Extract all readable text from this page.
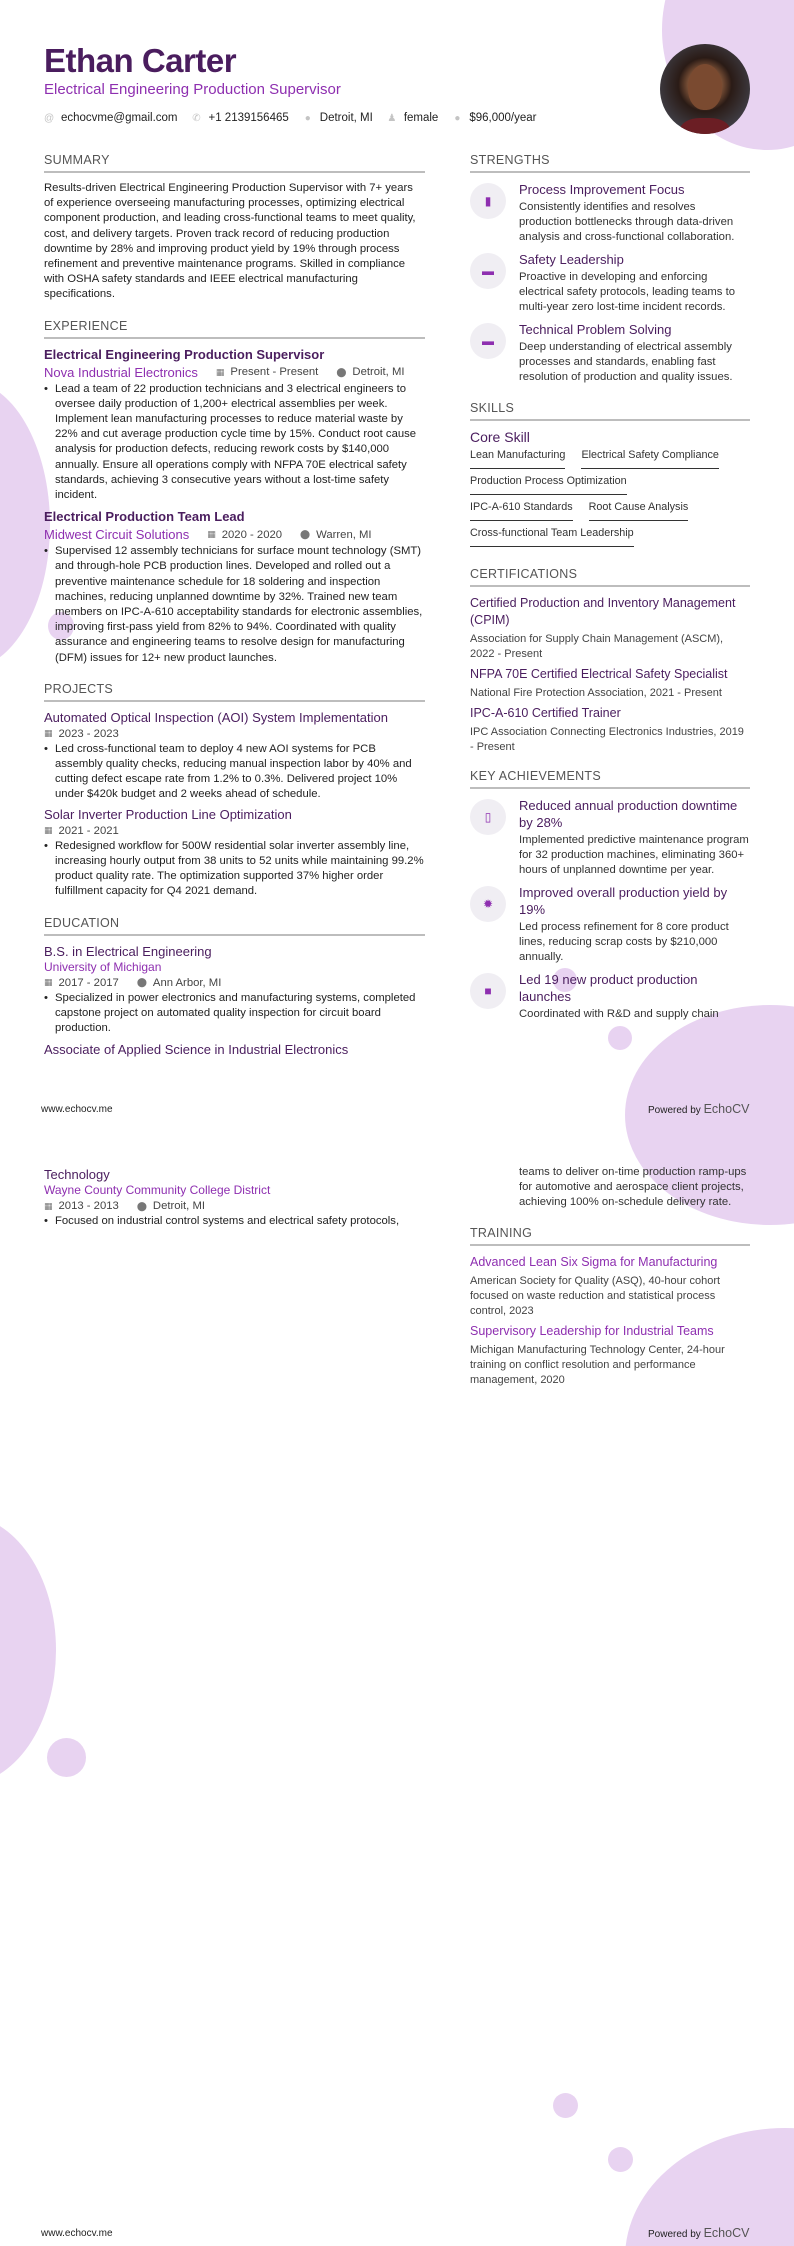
Ethan Carter
Electrical Engineering Production Supervisor
@ echocvme@gmail.com ✆ +1 2139156465 ● Detroit, MI ♟ female ● $96,000/year
SUMMARY
Results-driven Electrical Engineering Production Supervisor with 7+ years of experience overseeing manufacturing processes, optimizing electrical component production, and leading cross-functional teams to meet quality, cost, and delivery targets. Proven track record of reducing production downtime by 28% and improving product yield by 19% through process refinement and preventive maintenance programs. Skilled in compliance with OSHA safety standards and IEEE electrical manufacturing specifications.
EXPERIENCE
Electrical Engineering Production Supervisor
Nova Industrial Electronics ▦ Present - Present ⬤ Detroit, MI
• Lead a team of 22 production technicians and 3 electrical engineers to oversee daily production of 1,200+ electrical assemblies per week. Implement lean manufacturing processes to reduce material waste by 22% and cut average production cycle time by 15%. Conduct root cause analysis for production defects, reducing rework costs by $140,000 annually. Ensure all operations comply with NFPA 70E electrical safety standards, achieving 3 consecutive years without a lost-time safety incident.
Electrical Production Team Lead
Midwest Circuit Solutions ▦ 2020 - 2020 ⬤ Warren, MI
• Supervised 12 assembly technicians for surface mount technology (SMT) and through-hole PCB production lines. Developed and rolled out a preventive maintenance schedule for 18 soldering and inspection machines, reducing unplanned downtime by 32%. Trained new team members on IPC-A-610 acceptability standards for electronic assemblies, improving first-pass yield from 82% to 94%. Coordinated with quality assurance and engineering teams to resolve design for manufacturing (DFM) issues for 12+ new product launches.
PROJECTS
Automated Optical Inspection (AOI) System Implementation
▦ 2023 - 2023
• Led cross-functional team to deploy 4 new AOI systems for PCB assembly quality checks, reducing manual inspection labor by 40% and cutting defect escape rate from 1.2% to 0.3%. Delivered project 10% under $420k budget and 2 weeks ahead of schedule.
Solar Inverter Production Line Optimization
▦ 2021 - 2021
• Redesigned workflow for 500W residential solar inverter assembly line, increasing hourly output from 38 units to 52 units while maintaining 99.2% product quality rate. The optimization supported 37% higher order fulfillment capacity for Q4 2021 demand.
EDUCATION
B.S. in Electrical Engineering
University of Michigan
▦ 2017 - 2017 ⬤ Ann Arbor, MI
• Specialized in power electronics and manufacturing systems, completed capstone project on automated quality inspection for circuit board production.
Associate of Applied Science in Industrial Electronics
STRENGTHS
▮
Process Improvement Focus
Consistently identifies and resolves production bottlenecks through data-driven analysis and cross-functional collaboration.
▬
Safety Leadership
Proactive in developing and enforcing electrical safety protocols, leading teams to multi-year zero lost-time incident records.
▬
Technical Problem Solving
Deep understanding of electrical assembly processes and standards, enabling fast resolution of production and quality issues.
SKILLS
Core Skill
Lean Manufacturing Electrical Safety Compliance
Production Process Optimization
IPC-A-610 Standards Root Cause Analysis
Cross-functional Team Leadership
CERTIFICATIONS
Certified Production and Inventory Management (CPIM)
Association for Supply Chain Management (ASCM), 2022 - Present
NFPA 70E Certified Electrical Safety Specialist
National Fire Protection Association, 2021 - Present
IPC-A-610 Certified Trainer
IPC Association Connecting Electronics Industries, 2019 - Present
KEY ACHIEVEMENTS
▯
Reduced annual production downtime by 28%
Implemented predictive maintenance program for 32 production machines, eliminating 360+ hours of unplanned downtime per year.
✹
Improved overall production yield by 19%
Led process refinement for 8 core product lines, reducing scrap costs by $210,000 annually.
■
Led 19 new product production launches
Coordinated with R&D and supply chain
www.echocv.me	Powered by EchoCV
Technology
Wayne County Community College District
▦ 2013 - 2013 ⬤ Detroit, MI
• Focused on industrial control systems and electrical safety protocols,
teams to deliver on-time production ramp-ups for automotive and aerospace client projects, achieving 100% on-schedule delivery rate.
TRAINING
Advanced Lean Six Sigma for Manufacturing
American Society for Quality (ASQ), 40-hour cohort focused on waste reduction and statistical process control, 2023
Supervisory Leadership for Industrial Teams
Michigan Manufacturing Technology Center, 24-hour training on conflict resolution and performance management, 2020
www.echocv.me	Powered by EchoCV
